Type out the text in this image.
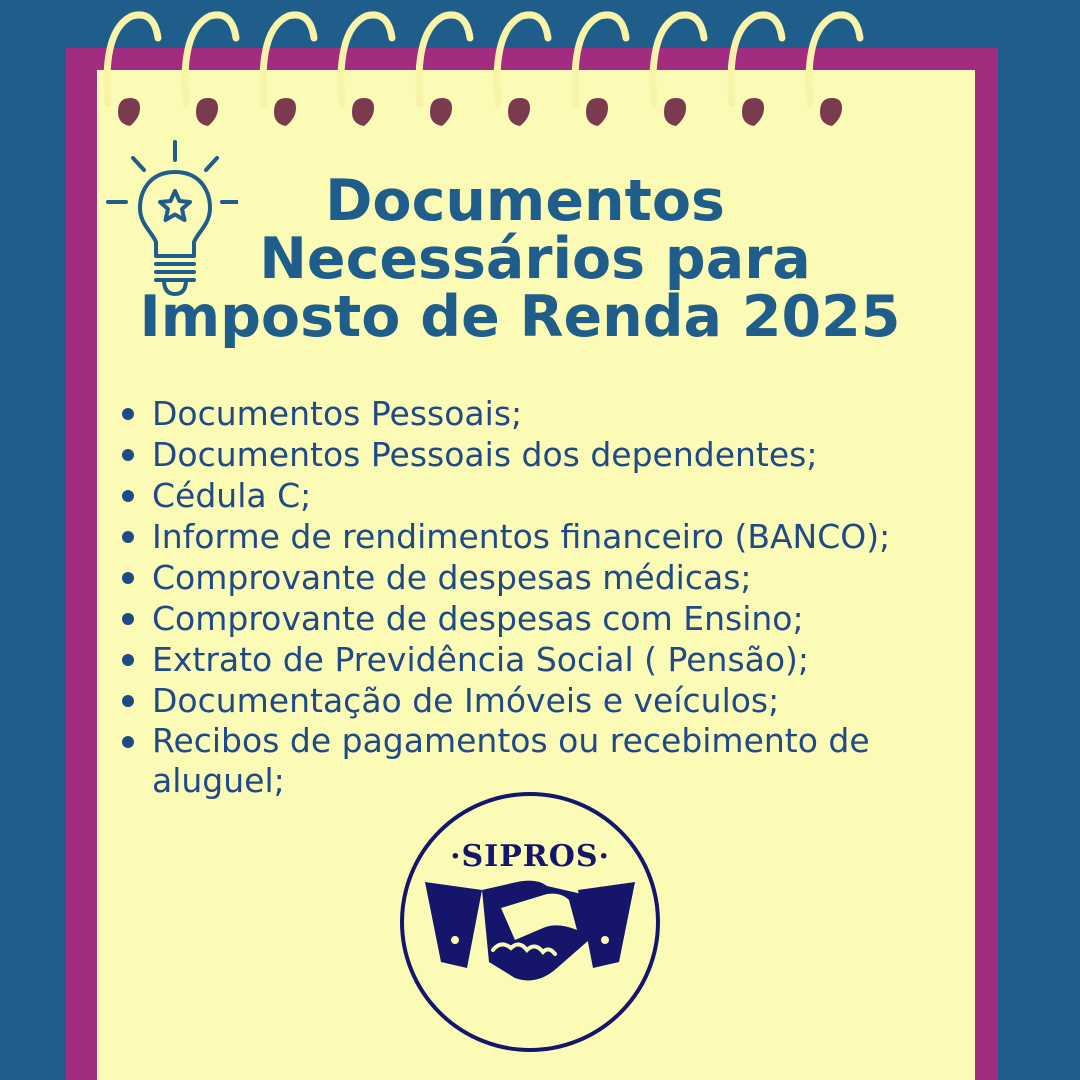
Documentos
Necessários para
Imposto de Renda 2025
Documentos Pessoais;
Documentos Pessoais dos dependentes;
Cédula C;
Informe de rendimentos financeiro (BANCO);
Comprovante de despesas médicas;
Comprovante de despesas com Ensino;
Extrato de Previdência Social ( Pensão);
Documentação de Imóveis e veículos;
Recibos de pagamentos ou recebimento de aluguel;
·SIPROS·
